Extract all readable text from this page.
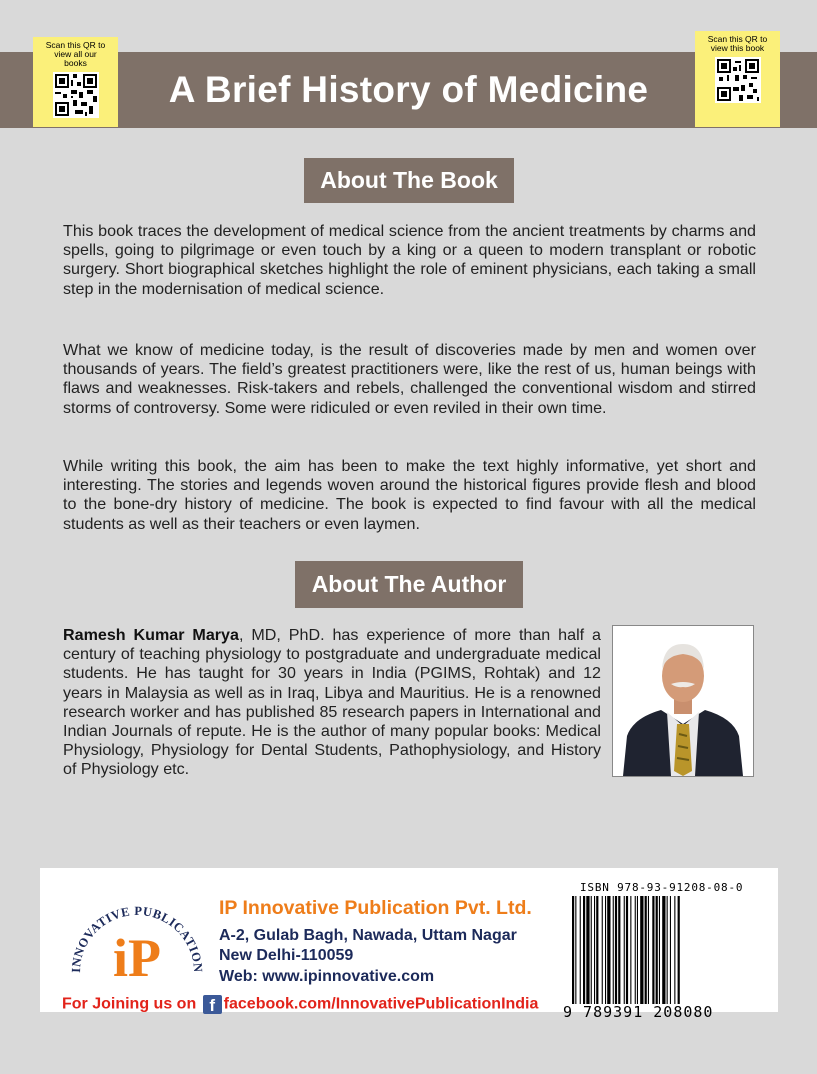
A Brief History of Medicine
Scan this QR to view all our books
Scan this QR to view this book
About The Book

This book traces the development of medical science from the ancient treatments by charms and spells, going to pilgrimage or even touch by a king or a queen to modern transplant or robotic surgery. Short biographical sketches highlight the role of eminent physicians, each taking a small step in the modernisation of medical science.

What we know of medicine today, is the result of discoveries made by men and women over thousands of years. The field’s greatest practitioners were, like the rest of us, human beings with flaws and weaknesses. Risk-takers and rebels, challenged the conventional wisdom and stirred storms of controversy. Some were ridiculed or even reviled in their own time.

While writing this book, the aim has been to make the text highly informative, yet short and interesting. The stories and legends woven around the historical figures provide flesh and blood to the bone-dry history of medicine. The book is expected to find favour with all the medical students as well as their teachers or even laymen.

About The Author

Ramesh Kumar Marya, MD, PhD. has experience of more than half a century of teaching physiology to postgraduate and undergraduate medical students. He has taught for 30 years in India (PGIMS, Rohtak) and 12 years in Malaysia as well as in Iraq, Libya and Mauritius. He is a renowned research worker and has published 85 research papers in International and Indian Journals of repute. He is the author of many popular books: Medical Physiology, Physiology for Dental Students, Pathophysiology, and History of Physiology etc.

INNOVATIVE PUBLICATION
iP
IP Innovative Publication Pvt. Ltd.
A-2, Gulab Bagh, Nawada, Uttam Nagar
New Delhi-110059
Web: www.ipinnovative.com
For Joining us on f facebook.com/InnovativePublicationIndia
ISBN 978-93-91208-08-0
9 789391 208080
